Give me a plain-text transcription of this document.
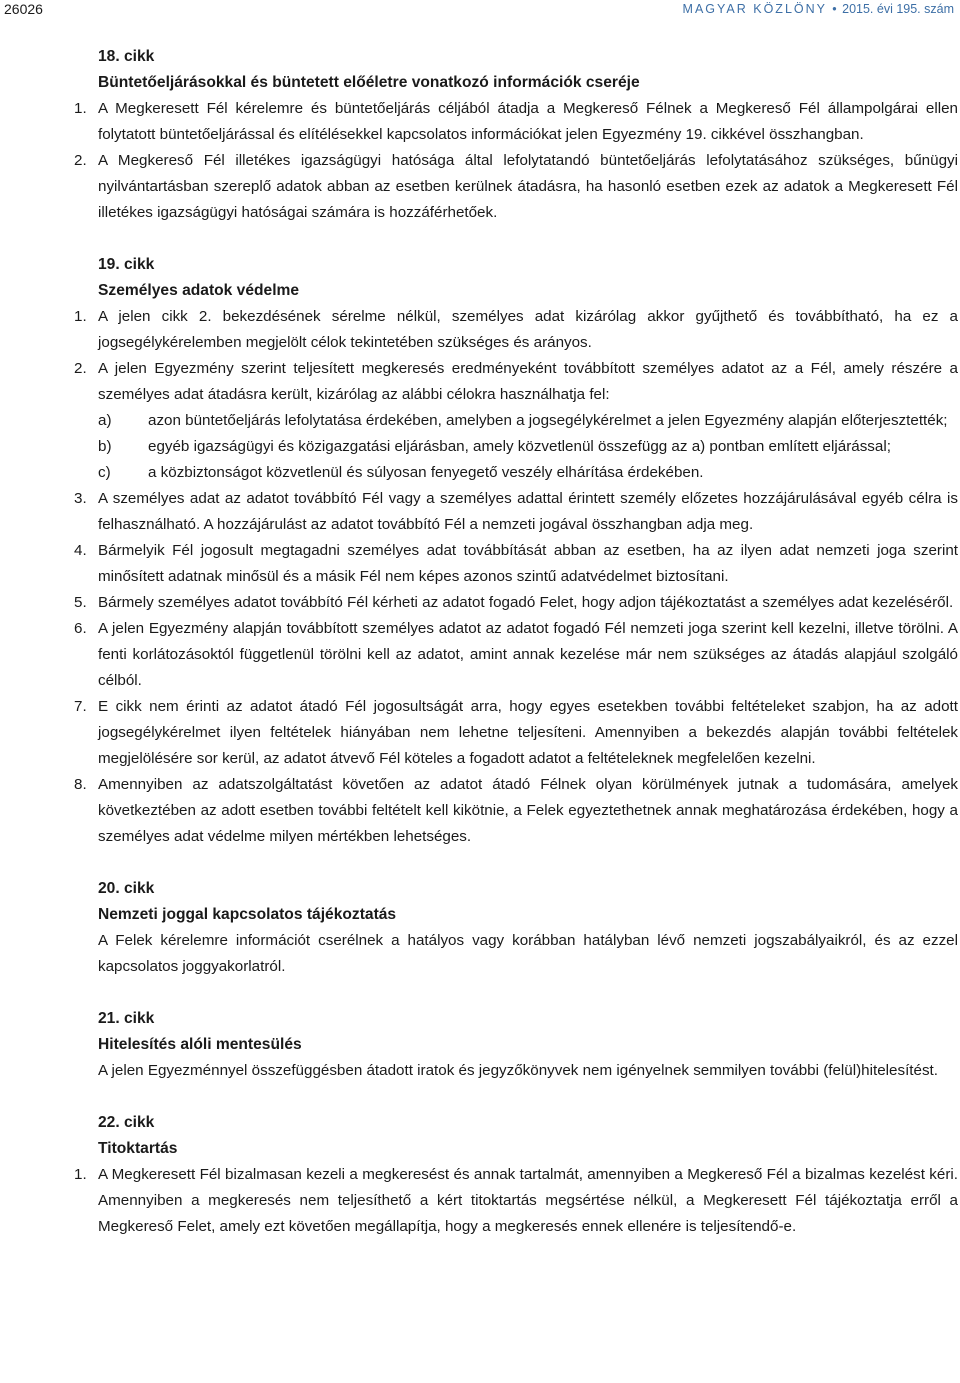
26026	MAGYAR KÖZLÖNY • 2015. évi 195. szám
18. cikk
Büntetőeljárásokkal és büntetett előéletre vonatkozó információk cseréje
1. A Megkeresett Fél kérelemre és büntetőeljárás céljából átadja a Megkereső Félnek a Megkereső Fél állampolgárai ellen folytatott büntetőeljárással és elítélésekkel kapcsolatos információkat jelen Egyezmény 19. cikkével összhangban.
2. A Megkereső Fél illetékes igazságügyi hatósága által lefolytatandó büntetőeljárás lefolytatásához szükséges, bűnügyi nyilvántartásban szereplő adatok abban az esetben kerülnek átadásra, ha hasonló esetben ezek az adatok a Megkeresett Fél illetékes igazságügyi hatóságai számára is hozzáférhetőek.
19. cikk
Személyes adatok védelme
1. A jelen cikk 2. bekezdésének sérelme nélkül, személyes adat kizárólag akkor gyűjthető és továbbítható, ha ez a jogsegélykérelemben megjelölt célok tekintetében szükséges és arányos.
2. A jelen Egyezmény szerint teljesített megkeresés eredményeként továbbított személyes adatot az a Fél, amely részére a személyes adat átadásra került, kizárólag az alábbi célokra használhatja fel:
a) azon büntetőeljárás lefolytatása érdekében, amelyben a jogsegélykérelmet a jelen Egyezmény alapján előterjesztették;
b) egyéb igazságügyi és közigazgatási eljárásban, amely közvetlenül összefügg az a) pontban említett eljárással;
c) a közbiztonságot közvetlenül és súlyosan fenyegető veszély elhárítása érdekében.
3. A személyes adat az adatot továbbító Fél vagy a személyes adattal érintett személy előzetes hozzájárulásával egyéb célra is felhasználható. A hozzájárulást az adatot továbbító Fél a nemzeti jogával összhangban adja meg.
4. Bármelyik Fél jogosult megtagadni személyes adat továbbítását abban az esetben, ha az ilyen adat nemzeti joga szerint minősített adatnak minősül és a másik Fél nem képes azonos szintű adatvédelmet biztosítani.
5. Bármely személyes adatot továbbító Fél kérheti az adatot fogadó Felet, hogy adjon tájékoztatást a személyes adat kezeléséről.
6. A jelen Egyezmény alapján továbbított személyes adatot az adatot fogadó Fél nemzeti joga szerint kell kezelni, illetve törölni. A fenti korlátozásoktól függetlenül törölni kell az adatot, amint annak kezelése már nem szükséges az átadás alapjául szolgáló célból.
7. E cikk nem érinti az adatot átadó Fél jogosultságát arra, hogy egyes esetekben további feltételeket szabjon, ha az adott jogsegélykérelmet ilyen feltételek hiányában nem lehetne teljesíteni. Amennyiben a bekezdés alapján további feltételek megjelölésére sor kerül, az adatot átvevő Fél köteles a fogadott adatot a feltételeknek megfelelően kezelni.
8. Amennyiben az adatszolgáltatást követően az adatot átadó Félnek olyan körülmények jutnak a tudomására, amelyek következtében az adott esetben további feltételt kell kikötnie, a Felek egyeztethetnek annak meghatározása érdekében, hogy a személyes adat védelme milyen mértékben lehetséges.
20. cikk
Nemzeti joggal kapcsolatos tájékoztatás
A Felek kérelemre információt cserélnek a hatályos vagy korábban hatályban lévő nemzeti jogszabályaikról, és az ezzel kapcsolatos joggyakorlatról.
21. cikk
Hitelesítés alóli mentesülés
A jelen Egyezménnyel összefüggésben átadott iratok és jegyzőkönyvek nem igényelnek semmilyen további (felül)hitelesítést.
22. cikk
Titoktartás
1. A Megkeresett Fél bizalmasan kezeli a megkeresést és annak tartalmát, amennyiben a Megkereső Fél a bizalmas kezelést kéri. Amennyiben a megkeresés nem teljesíthető a kért titoktartás megsértése nélkül, a Megkeresett Fél tájékoztatja erről a Megkereső Felet, amely ezt követően megállapítja, hogy a megkeresés ennek ellenére is teljesítendő-e.
